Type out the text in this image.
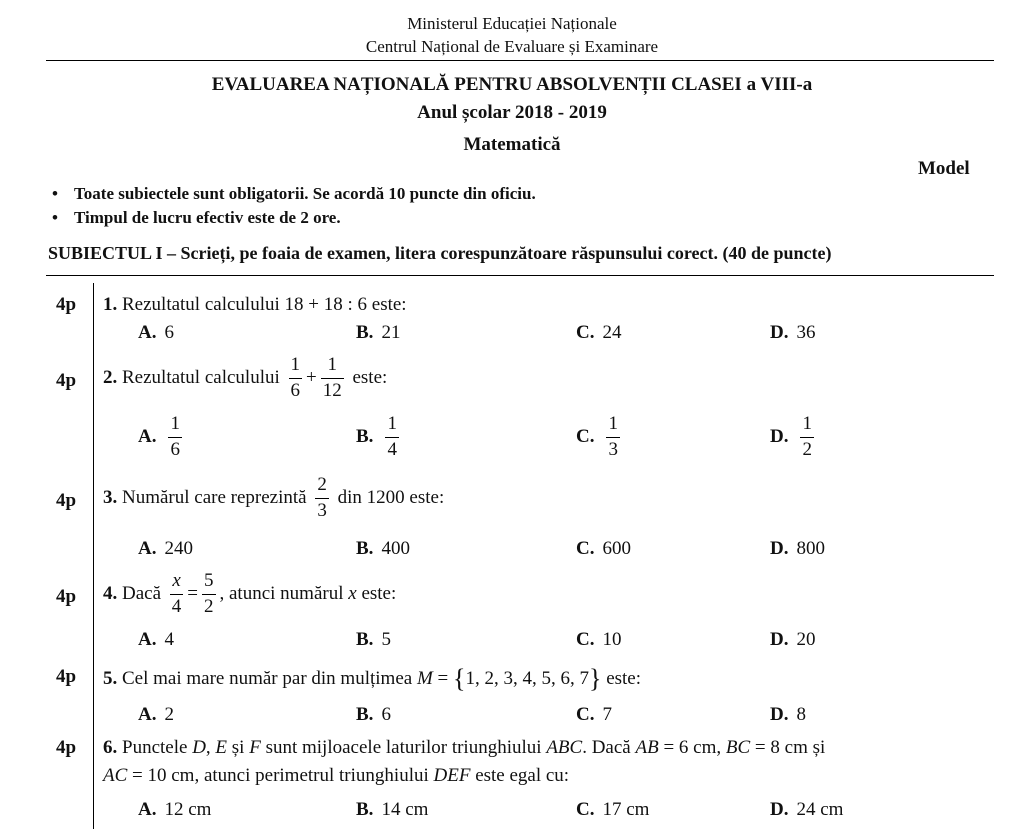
Ministerul Educației Naționale
Centrul Național de Evaluare și Examinare
EVALUAREA NAȚIONALĂ PENTRU ABSOLVENȚII CLASEI a VIII-a
Anul școlar 2018 - 2019
Matematică
Model
• Toate subiectele sunt obligatorii. Se acordă 10 puncte din oficiu.
• Timpul de lucru efectiv este de 2 ore.
SUBIECTUL I – Scrieți, pe foaia de examen, litera corespunzătoare răspunsului corect. (40 de puncte)
4p 1. Rezultatul calculului 18 + 18 : 6 este:
A. 6	B. 21	C. 24	D. 36
4p 2. Rezultatul calculului $\frac{1}{6} + \frac{1}{12}$ este:
A. $\frac{1}{6}$	B. $\frac{1}{4}$	C. $\frac{1}{3}$	D. $\frac{1}{2}$
4p 3. Numărul care reprezintă $\frac{2}{3}$ din 1200 este:
A. 240	B. 400	C. 600	D. 800
4p 4. Dacă $\frac{x}{4} = \frac{5}{2}$ , atunci numărul x este:
A. 4	B. 5	C. 10	D. 20
4p 5. Cel mai mare număr par din mulțimea M = {1, 2, 3, 4, 5, 6, 7} este:
A. 2	B. 6	C. 7	D. 8
4p 6. Punctele D, E și F sunt mijloacele laturilor triunghiului ABC. Dacă AB = 6 cm, BC = 8 cm și
AC = 10 cm, atunci perimetrul triunghiului DEF este egal cu:
A. 12 cm	B. 14 cm	C. 17 cm	D. 24 cm
